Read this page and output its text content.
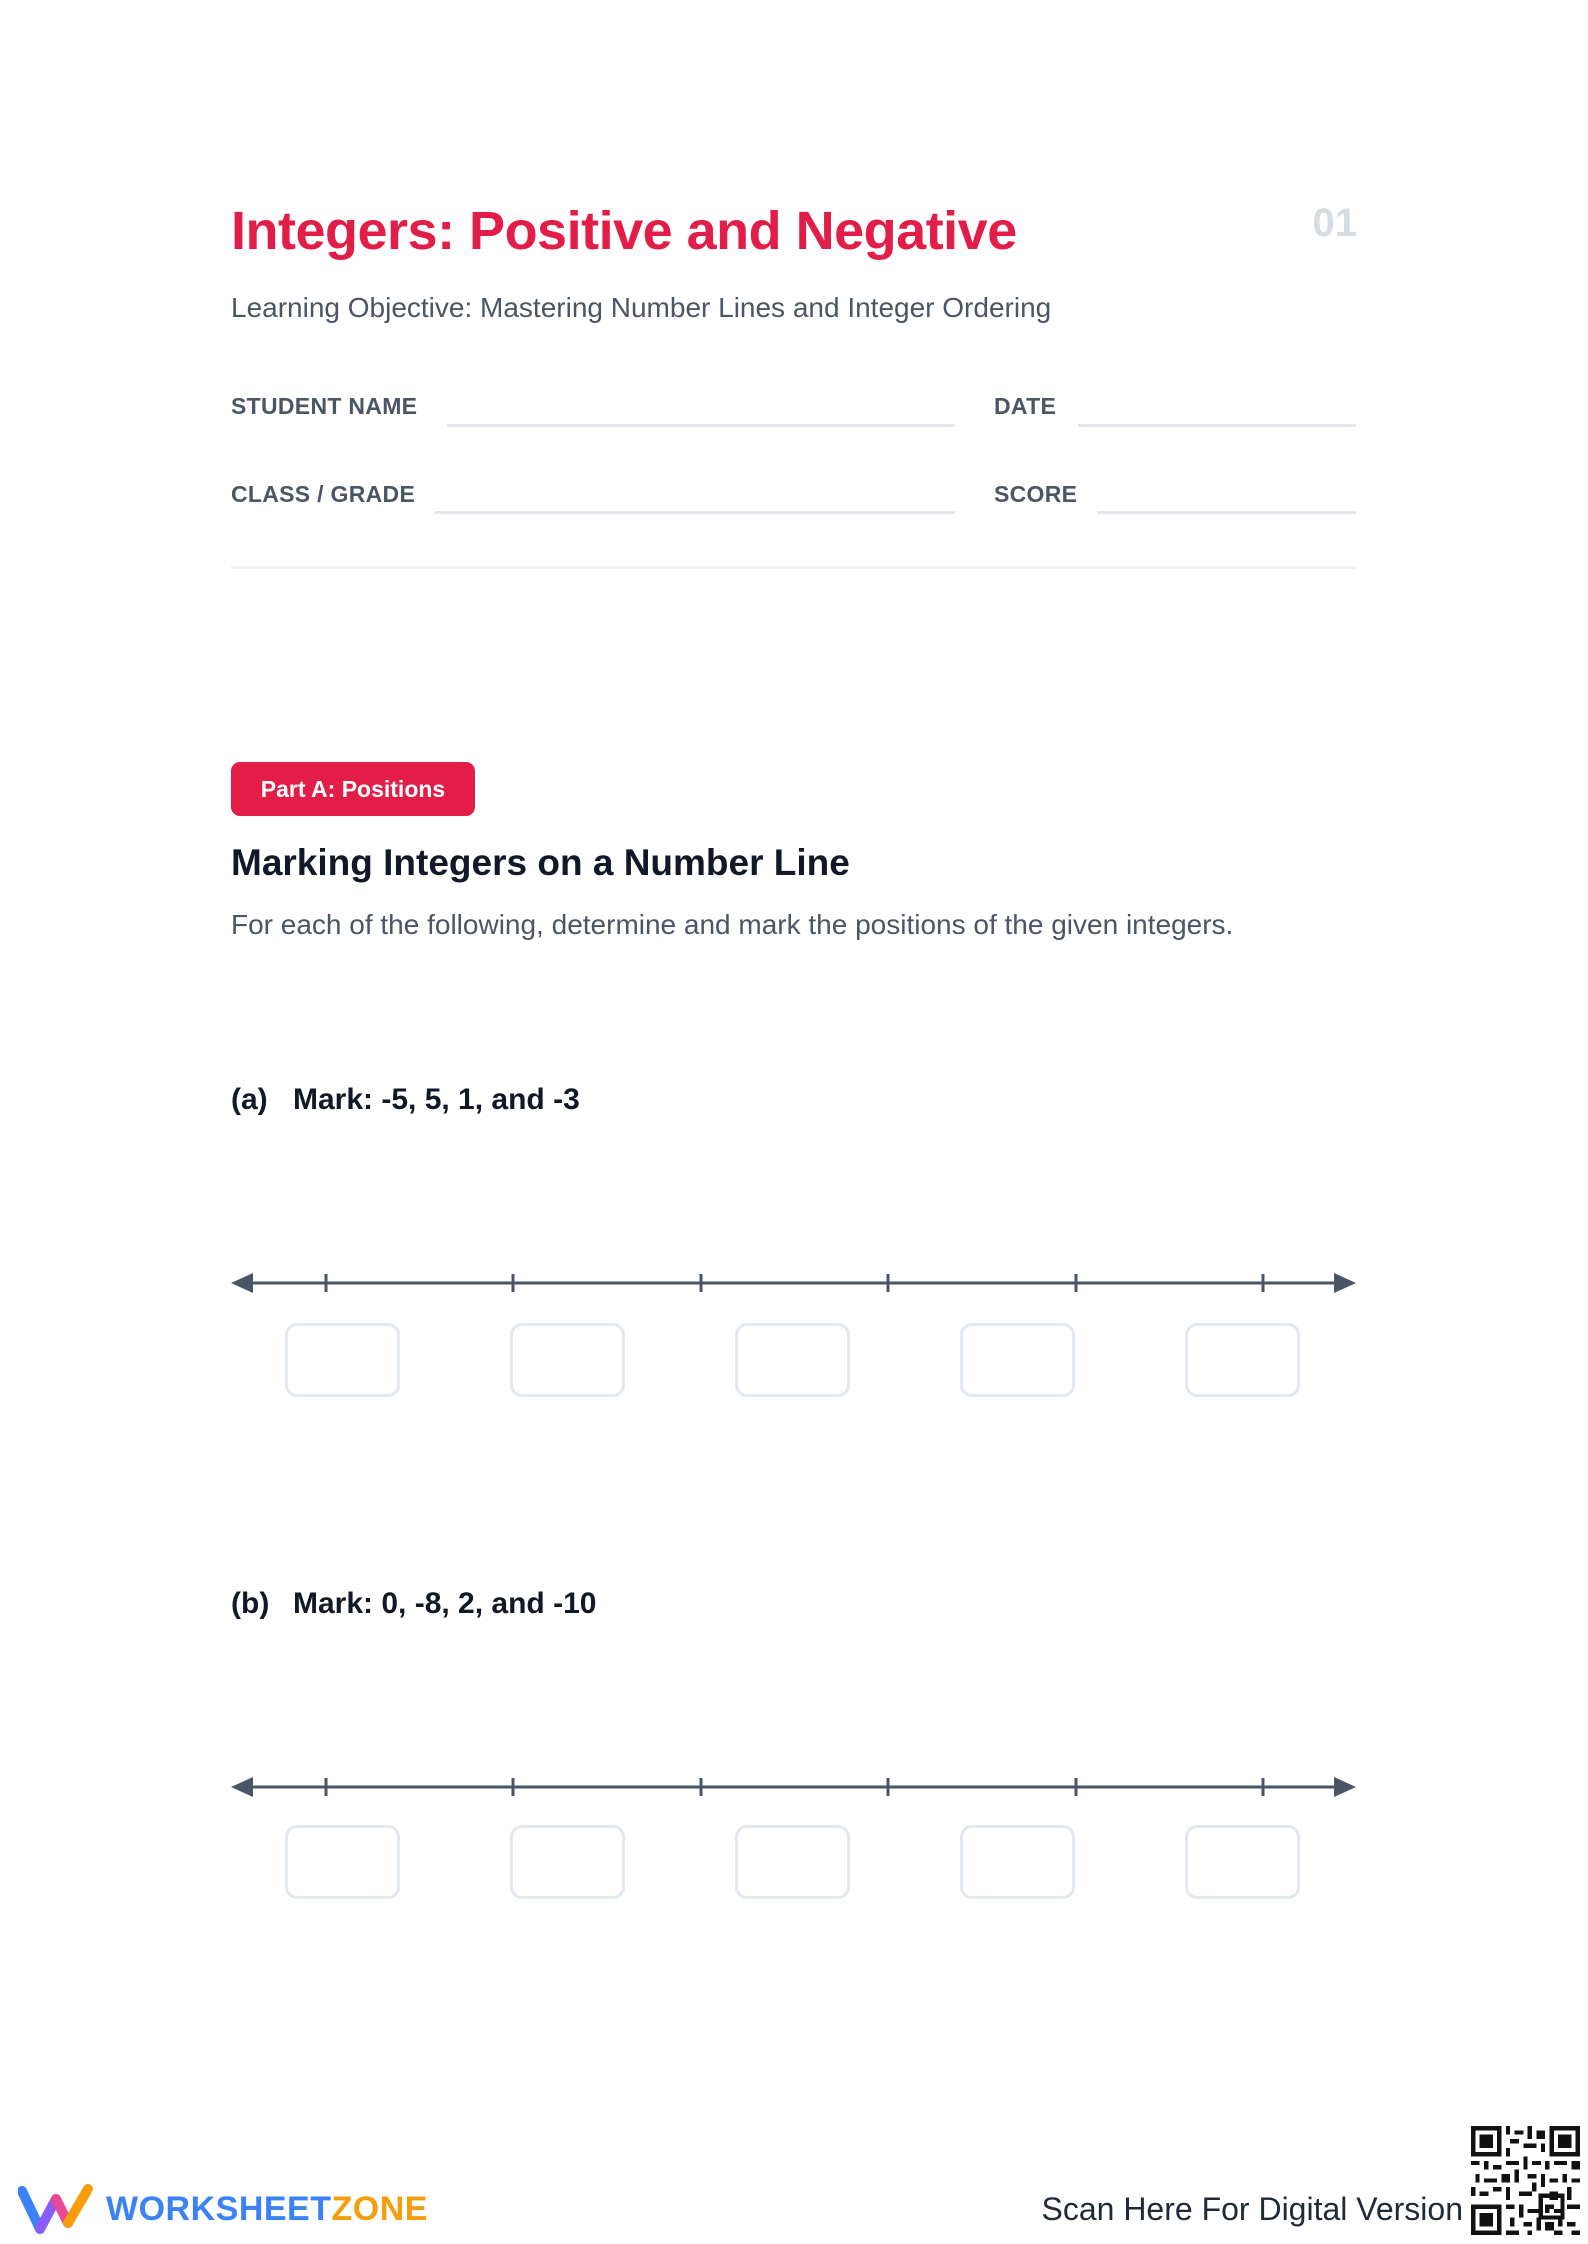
Integers: Positive and Negative	01
Learning Objective: Mastering Number Lines and Integer Ordering
STUDENT NAME	DATE
CLASS / GRADE	SCORE
Part A: Positions
Marking Integers on a Number Line
For each of the following, determine and mark the positions of the given integers.
(a) Mark: -5, 5, 1, and -3
(b) Mark: 0, -8, 2, and -10
WORKSHEETZONE	Scan Here For Digital Version
